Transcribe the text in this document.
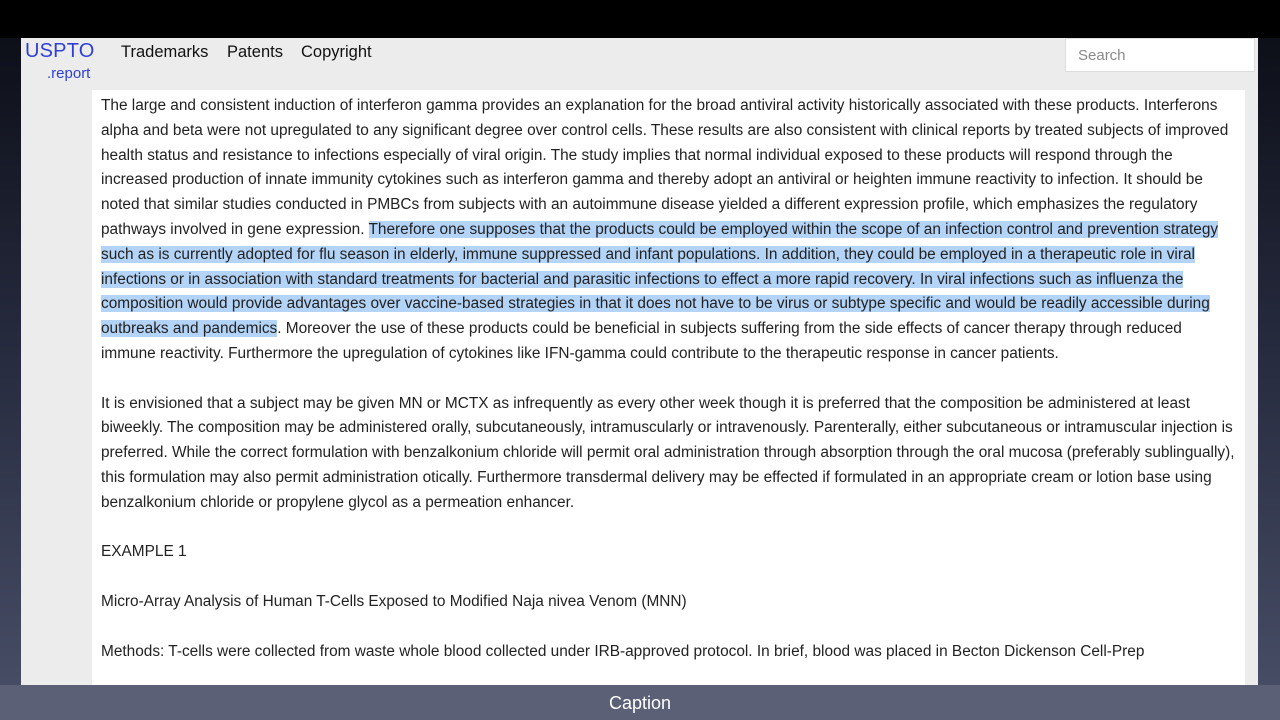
USPTO
.report
Trademarks Patents Copyright
Search

The large and consistent induction of interferon gamma provides an explanation for the broad antiviral activity historically associated with these products. Interferons alpha and beta were not upregulated to any significant degree over control cells. These results are also consistent with clinical reports by treated subjects of improved health status and resistance to infections especially of viral origin. The study implies that normal individual exposed to these products will respond through the increased production of innate immunity cytokines such as interferon gamma and thereby adopt an antiviral or heighten immune reactivity to infection. It should be noted that similar studies conducted in PMBCs from subjects with an autoimmune disease yielded a different expression profile, which emphasizes the regulatory pathways involved in gene expression. Therefore one supposes that the products could be employed within the scope of an infection control and prevention strategy such as is currently adopted for flu season in elderly, immune suppressed and infant populations. In addition, they could be employed in a therapeutic role in viral infections or in association with standard treatments for bacterial and parasitic infections to effect a more rapid recovery. In viral infections such as influenza the composition would provide advantages over vaccine-based strategies in that it does not have to be virus or subtype specific and would be readily accessible during outbreaks and pandemics. Moreover the use of these products could be beneficial in subjects suffering from the side effects of cancer therapy through reduced immune reactivity. Furthermore the upregulation of cytokines like IFN-gamma could contribute to the therapeutic response in cancer patients.

It is envisioned that a subject may be given MN or MCTX as infrequently as every other week though it is preferred that the composition be administered at least biweekly. The composition may be administered orally, subcutaneously, intramuscularly or intravenously. Parenterally, either subcutaneous or intramuscular injection is preferred. While the correct formulation with benzalkonium chloride will permit oral administration through absorption through the oral mucosa (preferably sublingually), this formulation may also permit administration otically. Furthermore transdermal delivery may be effected if formulated in an appropriate cream or lotion base using benzalkonium chloride or propylene glycol as a permeation enhancer.

EXAMPLE 1

Micro-Array Analysis of Human T-Cells Exposed to Modified Naja nivea Venom (MNN)

Methods: T-cells were collected from waste whole blood collected under IRB-approved protocol. In brief, blood was placed in Becton Dickenson Cell-Prep

Caption
